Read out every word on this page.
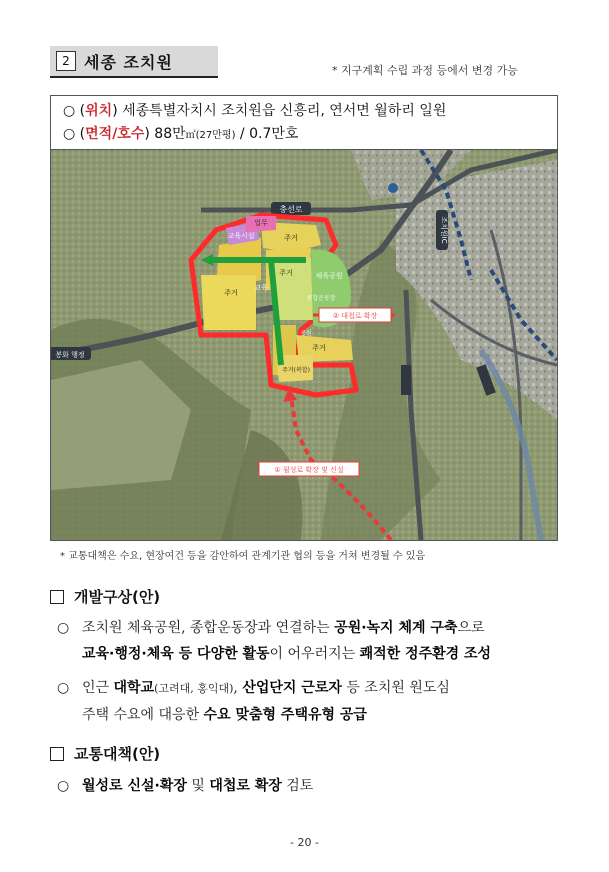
2 세종 조치원	* 지구계획 수립 과정 등에서 변경 가능
○ (위치) 세종특별자치시 조치원읍 신흥리, 연서면 월하리 일원
○ (면적/호수) 88만㎡(27만평) / 0.7만호
충선로
봉화 행정
조치원IC
업무
교육시설	주거
주거
주거
교육
체육공원
종합운동장
주거
주거(복합)
공원
② 대첩로 확장
① 월성로 확장 및 신설
* 교통대책은 수요, 현장여건 등을 감안하여 관계기관 협의 등을 거쳐 변경될 수 있음
개발구상(안)
○ 조치원 체육공원, 종합운동장과 연결하는 공원·녹지 체계 구축으로
교육·행정·체육 등 다양한 활동이 어우러지는 쾌적한 정주환경 조성
○ 인근 대학교(고려대, 홍익대), 산업단지 근로자 등 조치원 원도심
주택 수요에 대응한 수요 맞춤형 주택유형 공급
교통대책(안)
○ 월성로 신설·확장 및 대첩로 확장 검토
- 20 -
